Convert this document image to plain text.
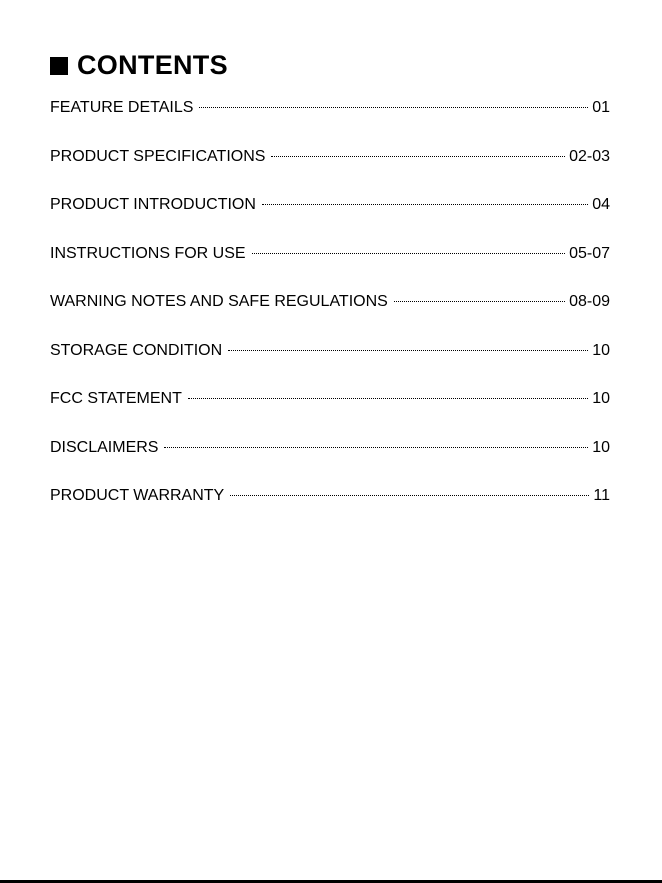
CONTENTS
FEATURE DETAILS	01
PRODUCT SPECIFICATIONS	02-03
PRODUCT INTRODUCTION	04
INSTRUCTIONS FOR USE	05-07
WARNING NOTES AND SAFE REGULATIONS	08-09
STORAGE CONDITION	10
FCC STATEMENT	10
DISCLAIMERS	10
PRODUCT WARRANTY	11
